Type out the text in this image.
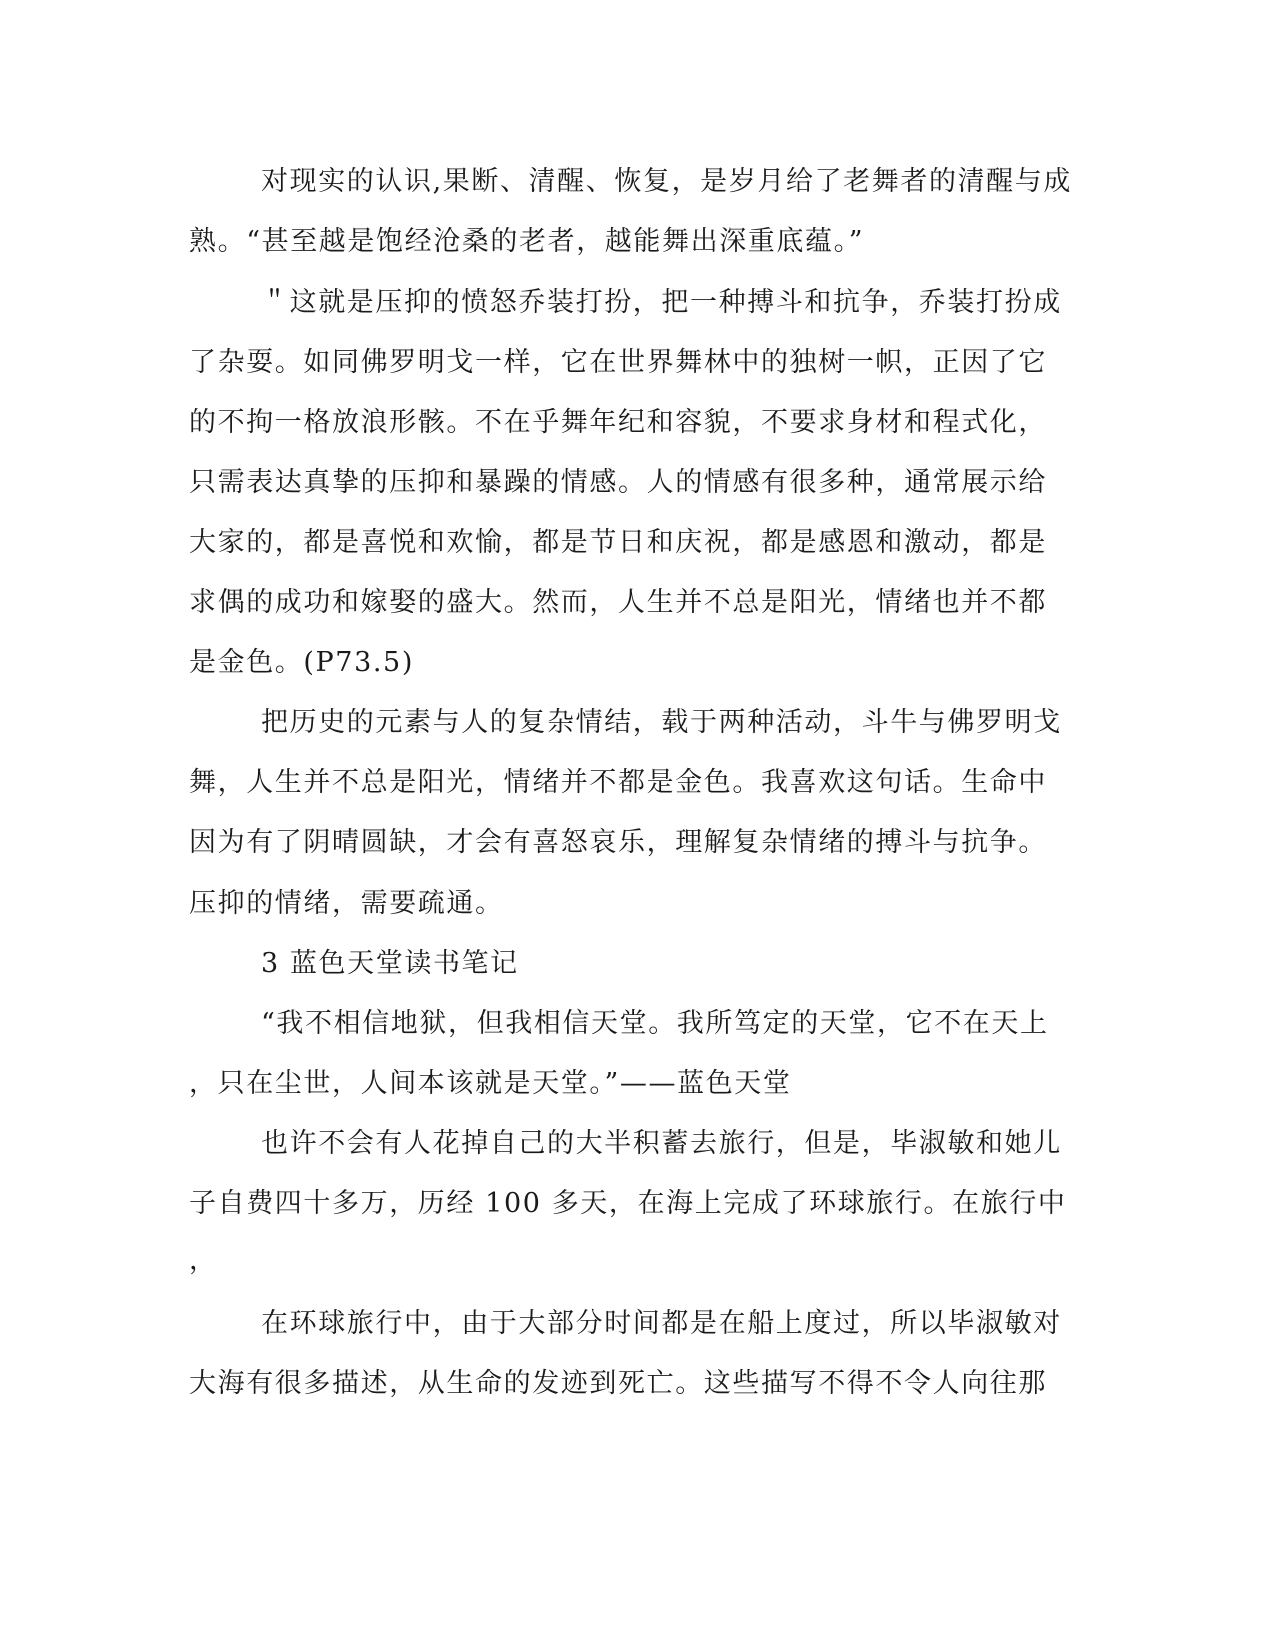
对现实的认识,果断、清醒、恢复，是岁月给了老舞者的清醒与成
熟。“甚至越是饱经沧桑的老者，越能舞出深重底蕴。”
＂这就是压抑的愤怒乔装打扮，把一种搏斗和抗争，乔装打扮成
了杂耍。如同佛罗明戈一样，它在世界舞林中的独树一帜，正因了它
的不拘一格放浪形骸。不在乎舞年纪和容貌，不要求身材和程式化，
只需表达真挚的压抑和暴躁的情感。人的情感有很多种，通常展示给
大家的，都是喜悦和欢愉，都是节日和庆祝，都是感恩和激动，都是
求偶的成功和嫁娶的盛大。然而，人生并不总是阳光，情绪也并不都
是金色。(P73.5)
把历史的元素与人的复杂情结，载于两种活动，斗牛与佛罗明戈
舞，人生并不总是阳光，情绪并不都是金色。我喜欢这句话。生命中
因为有了阴晴圆缺，才会有喜怒哀乐，理解复杂情绪的搏斗与抗争。
压抑的情绪，需要疏通。
3 蓝色天堂读书笔记
“我不相信地狱，但我相信天堂。我所笃定的天堂，它不在天上
，只在尘世，人间本该就是天堂。”——蓝色天堂
也许不会有人花掉自己的大半积蓄去旅行，但是，毕淑敏和她儿
子自费四十多万，历经 100 多天，在海上完成了环球旅行。在旅行中
，
在环球旅行中，由于大部分时间都是在船上度过，所以毕淑敏对
大海有很多描述，从生命的发迹到死亡。这些描写不得不令人向往那
